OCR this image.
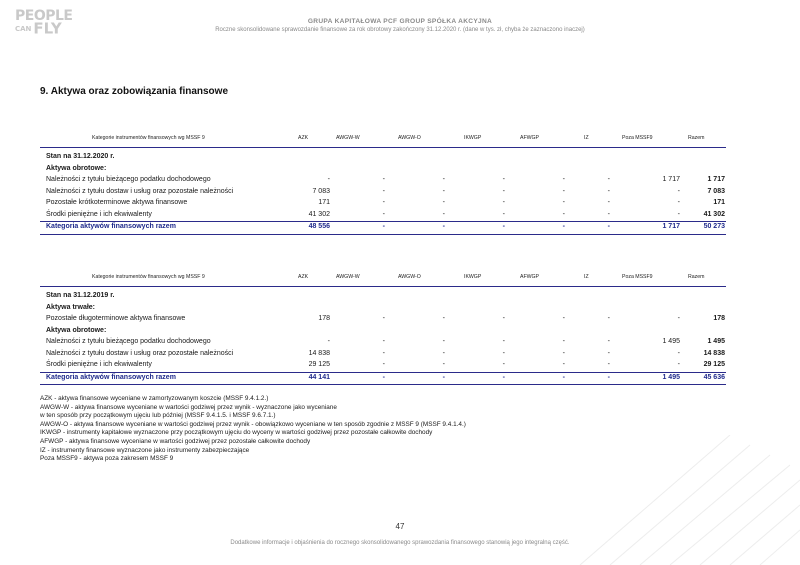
PEOPLE
CAN FLY	GRUPA KAPITAŁOWA PCF GROUP SPÓŁKA AKCYJNA
Roczne skonsolidowane sprawozdanie finansowe za rok obrotowy zakończony 31.12.2020 r. (dane w tys. zł, chyba że zaznaczono inaczej)
9. Aktywa oraz zobowiązania finansowe
Kategorie instrumentów finansowych wg MSSF 9	AZK	AWGW-W	AWGW-O	IKWGP	AFWGP	IZ	Poza MSSF9	Razem
Stan na 31.12.2020 r.
Aktywa obrotowe:
Należności z tytułu bieżącego podatku dochodowego	-	-	-	-	-	-	1 717	1 717
Należności z tytułu dostaw i usług oraz pozostałe należności	7 083	-	-	-	-	-	-	7 083
Pozostałe krótkoterminowe aktywa finansowe	171	-	-	-	-	-	-	171
Środki pieniężne i ich ekwiwalenty	41 302	-	-	-	-	-	-	41 302
Kategoria aktywów finansowych razem	48 556	-	-	-	-	-	1 717	50 273
Kategorie instrumentów finansowych wg MSSF 9	AZK	AWGW-W	AWGW-O	IKWGP	AFWGP	IZ	Poza MSSF9	Razem
Stan na 31.12.2019 r.
Aktywa trwałe:
Pozostałe długoterminowe aktywa finansowe	178	-	-	-	-	-	-	178
Aktywa obrotowe:
Należności z tytułu bieżącego podatku dochodowego	-	-	-	-	-	-	1 495	1 495
Należności z tytułu dostaw i usług oraz pozostałe należności	14 838	-	-	-	-	-	-	14 838
Środki pieniężne i ich ekwiwalenty	29 125	-	-	-	-	-	-	29 125
Kategoria aktywów finansowych razem	44 141	-	-	-	-	-	1 495	45 636
AZK - aktywa finansowe wyceniane w zamortyzowanym koszcie (MSSF 9.4.1.2.)
AWGW-W - aktywa finansowe wyceniane w wartości godziwej przez wynik - wyznaczone jako wyceniane
w ten sposób przy początkowym ujęciu lub później (MSSF 9.4.1.5. i MSSF 9.6.7.1.)
AWGW-O - aktywa finansowe wyceniane w wartości godziwej przez wynik - obowiązkowo wyceniane w ten sposób zgodnie z MSSF 9 (MSSF 9.4.1.4.)
IKWGP - instrumenty kapitałowe wyznaczone przy początkowym ujęciu do wyceny w wartości godziwej przez pozostałe całkowite dochody
AFWGP - aktywa finansowe wyceniane w wartości godziwej przez pozostałe całkowite dochody
IZ - instrumenty finansowe wyznaczone jako instrumenty zabezpieczające
Poza MSSF9 - aktywa poza zakresem MSSF 9
47
Dodatkowe informacje i objaśnienia do rocznego skonsolidowanego sprawozdania finansowego stanowią jego integralną część.
